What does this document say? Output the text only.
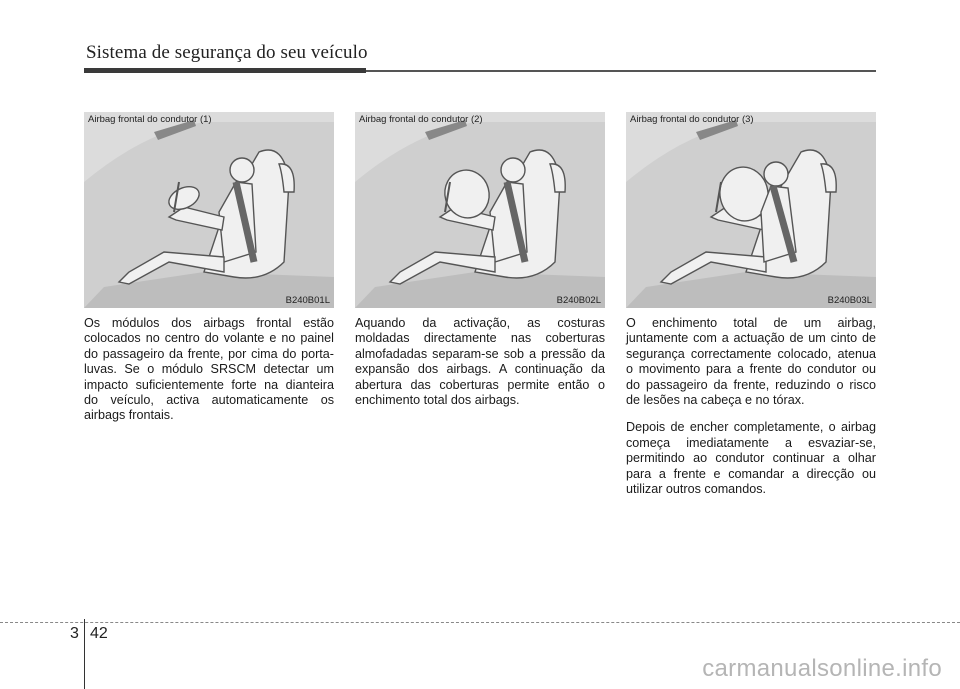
Sistema de segurança do seu veículo
Airbag frontal do condutor (1)
B240B01L
Airbag frontal do condutor (2)
B240B02L
Airbag frontal do condutor (3)
B240B03L

Os módulos dos airbags frontal estão colocados no centro do volante e no painel do passageiro da frente, por cima do porta-luvas. Se o módulo SRSCM detectar um impacto suficientemente forte na dianteira do veículo, activa automaticamente os airbags frontais.

Aquando da activação, as costuras moldadas directamente nas coberturas almofadadas separam-se sob a pressão da expansão dos airbags. A continuação da abertura das coberturas permite então o enchimento total dos airbags.

O enchimento total de um airbag, juntamente com a actuação de um cinto de segurança correctamente colocado, atenua o movimento para a frente do condutor ou do passageiro da frente, reduzindo o risco de lesões na cabeça e no tórax.

Depois de encher completamente, o airbag começa imediatamente a esvaziar-se, permitindo ao condutor continuar a olhar para a frente e comandar a direcção ou utilizar outros comandos.

3 42
carmanualsonline.info
